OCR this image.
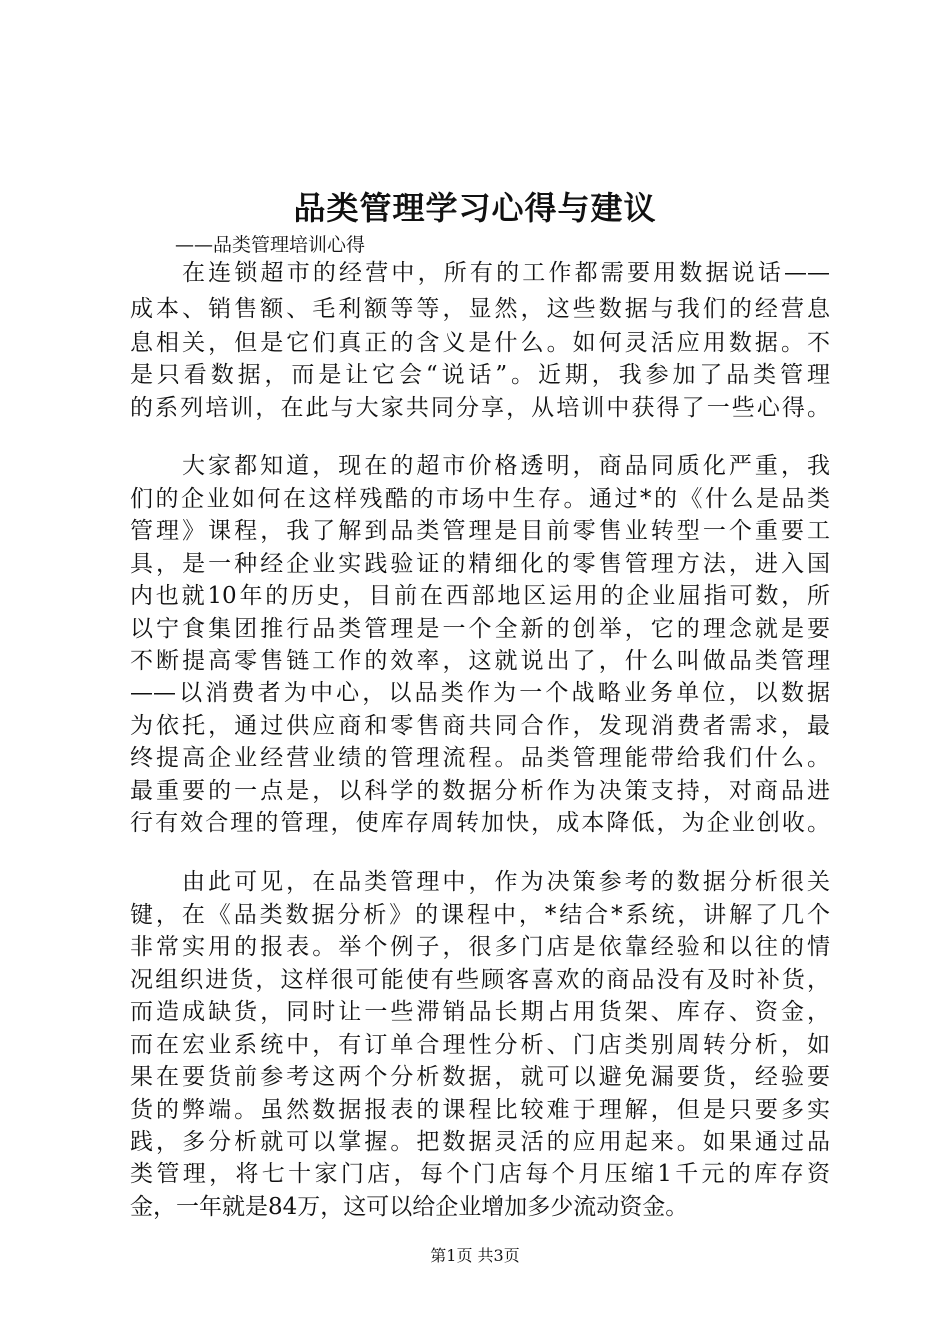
品类管理学习心得与建议
——品类管理培训心得
在连锁超市的经营中，所有的工作都需要用数据说话——
成本、销售额、毛利额等等，显然，这些数据与我们的经营息
息相关，但是它们真正的含义是什么。如何灵活应用数据。不
是只看数据，而是让它会“说话”。近期，我参加了品类管理
的系列培训，在此与大家共同分享，从培训中获得了一些心得。
大家都知道，现在的超市价格透明，商品同质化严重，我
们的企业如何在这样残酷的市场中生存。通过*的《什么是品类
管理》课程，我了解到品类管理是目前零售业转型一个重要工
具，是一种经企业实践验证的精细化的零售管理方法，进入国
内也就10年的历史，目前在西部地区运用的企业屈指可数，所
以宁食集团推行品类管理是一个全新的创举，它的理念就是要
不断提高零售链工作的效率，这就说出了，什么叫做品类管理
——以消费者为中心，以品类作为一个战略业务单位，以数据
为依托，通过供应商和零售商共同合作，发现消费者需求，最
终提高企业经营业绩的管理流程。品类管理能带给我们什么。
最重要的一点是，以科学的数据分析作为决策支持，对商品进
行有效合理的管理，使库存周转加快，成本降低，为企业创收。
由此可见，在品类管理中，作为决策参考的数据分析很关
键，在《品类数据分析》的课程中，*结合*系统，讲解了几个
非常实用的报表。举个例子，很多门店是依靠经验和以往的情
况组织进货，这样很可能使有些顾客喜欢的商品没有及时补货，
而造成缺货，同时让一些滞销品长期占用货架、库存、资金，
而在宏业系统中，有订单合理性分析、门店类别周转分析，如
果在要货前参考这两个分析数据，就可以避免漏要货，经验要
货的弊端。虽然数据报表的课程比较难于理解，但是只要多实
践，多分析就可以掌握。把数据灵活的应用起来。如果通过品
类管理，将七十家门店，每个门店每个月压缩1千元的库存资
金，一年就是84万，这可以给企业增加多少流动资金。
第1页 共3页
